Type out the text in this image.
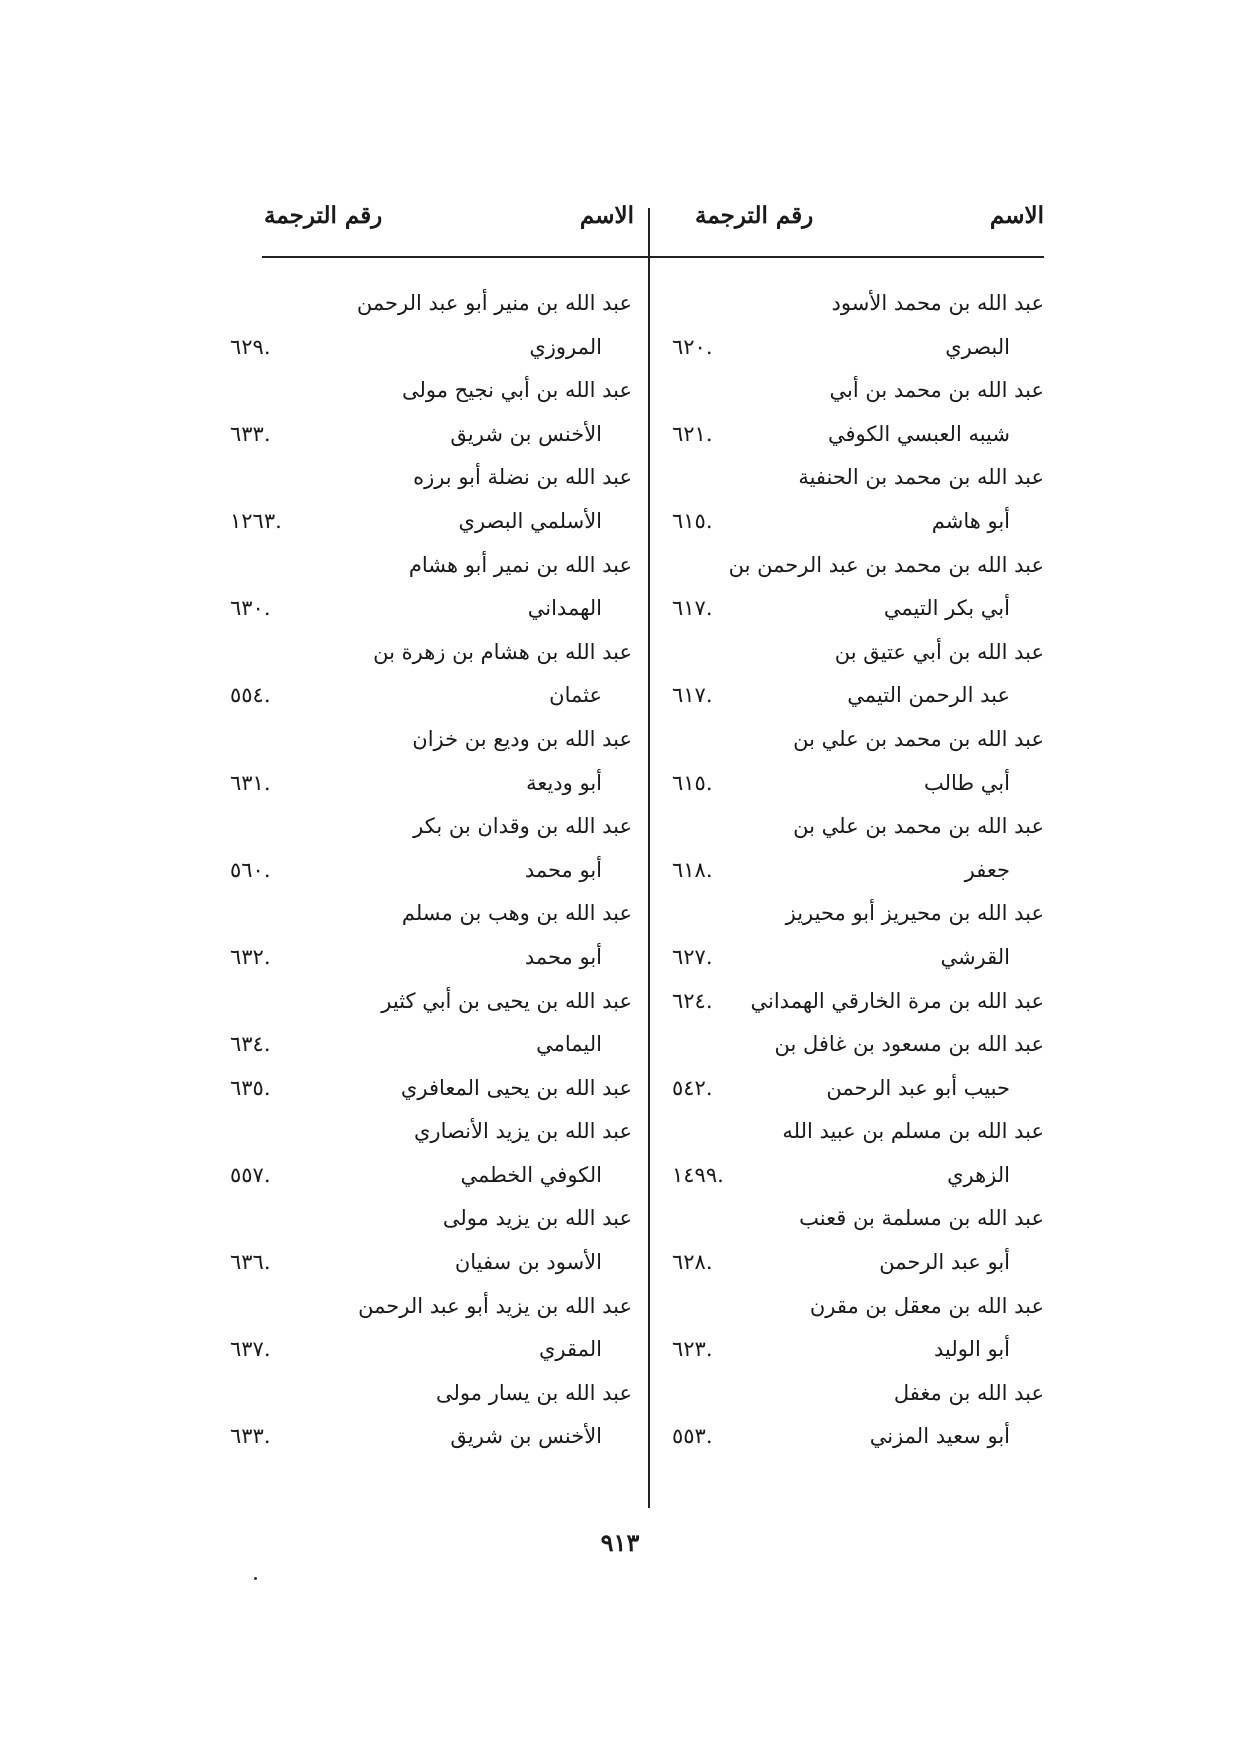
الاسم
رقم الترجمة
الاسم
رقم الترجمة
عبد الله بن محمد الأسود
البصري
٦٢٠.
عبد الله بن محمد بن أبي
شيبه العبسي الكوفي
٦٢١.
عبد الله بن محمد بن الحنفية
أبو هاشم
٦١٥.
عبد الله بن محمد بن عبد الرحمن بن
أبي بكر التيمي
٦١٧.
عبد الله بن أبي عتيق بن
عبد الرحمن التيمي
٦١٧.
عبد الله بن محمد بن علي بن
أبي طالب
٦١٥.
عبد الله بن محمد بن علي بن
جعفر
٦١٨.
عبد الله بن محيريز أبو محيريز
القرشي
٦٢٧.
عبد الله بن مرة الخارقي الهمداني
٦٢٤.
عبد الله بن مسعود بن غافل بن
حبيب أبو عبد الرحمن
٥٤٢.
عبد الله بن مسلم بن عبيد الله
الزهري
١٤٩٩.
عبد الله بن مسلمة بن قعنب
أبو عبد الرحمن
٦٢٨.
عبد الله بن معقل بن مقرن
أبو الوليد
٦٢٣.
عبد الله بن مغفل
أبو سعيد المزني
٥٥٣.
عبد الله بن منير أبو عبد الرحمن
المروزي
٦٢٩.
عبد الله بن أبي نجيح مولى
الأخنس بن شريق
٦٣٣.
عبد الله بن نضلة أبو برزه
الأسلمي البصري
١٢٦٣.
عبد الله بن نمير أبو هشام
الهمداني
٦٣٠.
عبد الله بن هشام بن زهرة بن
عثمان
٥٥٤.
عبد الله بن وديع بن خزان
أبو وديعة
٦٣١.
عبد الله بن وقدان بن بكر
أبو محمد
٥٦٠.
عبد الله بن وهب بن مسلم
أبو محمد
٦٣٢.
عبد الله بن يحيى بن أبي كثير
اليمامي
٦٣٤.
عبد الله بن يحيى المعافري
٦٣٥.
عبد الله بن يزيد الأنصاري
الكوفي الخطمي
٥٥٧.
عبد الله بن يزيد مولى
الأسود بن سفيان
٦٣٦.
عبد الله بن يزيد أبو عبد الرحمن
المقري
٦٣٧.
عبد الله بن يسار مولى
الأخنس بن شريق
٦٣٣.
٩١٣
